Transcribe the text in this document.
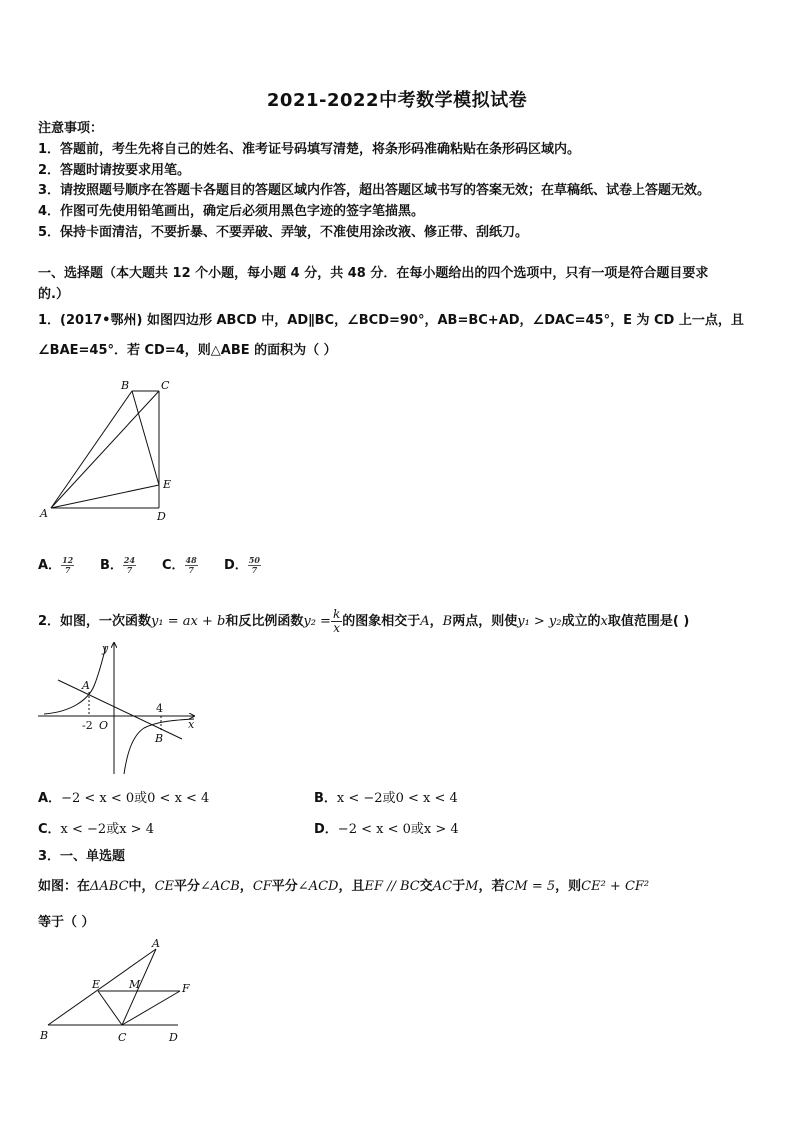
2021-2022中考数学模拟试卷
注意事项：
1．答题前，考生先将自己的姓名、准考证号码填写清楚，将条形码准确粘贴在条形码区域内。
2．答题时请按要求用笔。
3．请按照题号顺序在答题卡各题目的答题区域内作答，超出答题区域书写的答案无效；在草稿纸、试卷上答题无效。
4．作图可先使用铅笔画出，确定后必须用黑色字迹的签字笔描黑。
5．保持卡面清洁，不要折暴、不要弄破、弄皱，不准使用涂改液、修正带、刮纸刀。
一、选择题（本大题共 12 个小题，每小题 4 分，共 48 分．在每小题给出的四个选项中，只有一项是符合题目要求
的.）
1．(2017•鄂州) 如图四边形 ABCD 中，AD∥BC，∠BCD=90°，AB=BC+AD，∠DAC=45°，E 为 CD 上一点，且
∠BAE=45°．若 CD=4，则△ABE 的面积为（ ）
A
B	C
D
E
A． $\frac{12}{7}$ B． $\frac{24}{7}$ C． $\frac{48}{7}$ D． $\frac{50}{7}$
2．如图，一次函数y₁ = ax + b和反比例函数$y_2 = \frac{k}{x}$ 的图象相交于A，B两点，则使y₁ > y₂成立的x取值范围是( )
y
x
A
B
-2 O
4
A．−2 < x < 0或0 < x < 4	B．x < −2或0 < x < 4
C．x < −2或x > 4	D．−2 < x < 0或x > 4
3．一、单选题
如图：在ΔABC中，CE平分∠ACB，CF平分∠ACD，且EF // BC交AC于M，若CM = 5，则CE² + CF²
等于（ ）
A
E	M	F
B	C	D
